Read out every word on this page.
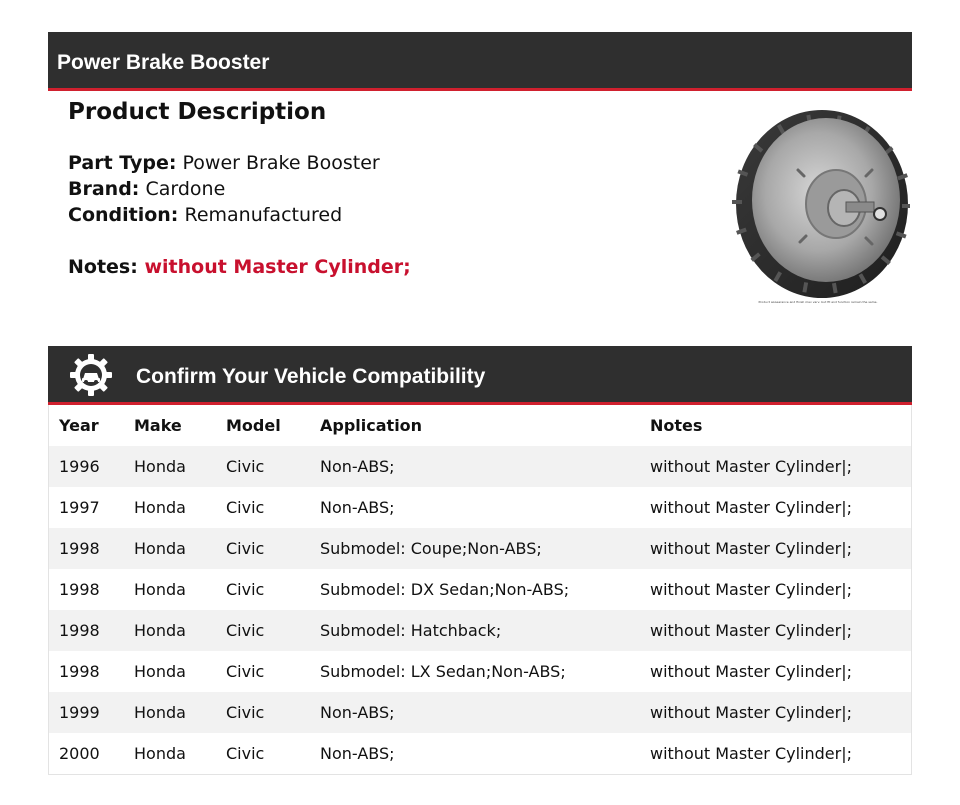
Power Brake Booster
Product Description
Part Type: Power Brake Booster
Brand: Cardone
Condition: Remanufactured
Notes: without Master Cylinder;
Product appearance and finish may vary, but fit and function remain the same.
Confirm Your Vehicle Compatibility
Year	Make	Model	Application	Notes
1996	Honda	Civic	Non-ABS;	without Master Cylinder|;
1997	Honda	Civic	Non-ABS;	without Master Cylinder|;
1998	Honda	Civic	Submodel: Coupe;Non-ABS;	without Master Cylinder|;
1998	Honda	Civic	Submodel: DX Sedan;Non-ABS;	without Master Cylinder|;
1998	Honda	Civic	Submodel: Hatchback;	without Master Cylinder|;
1998	Honda	Civic	Submodel: LX Sedan;Non-ABS;	without Master Cylinder|;
1999	Honda	Civic	Non-ABS;	without Master Cylinder|;
2000	Honda	Civic	Non-ABS;	without Master Cylinder|;
